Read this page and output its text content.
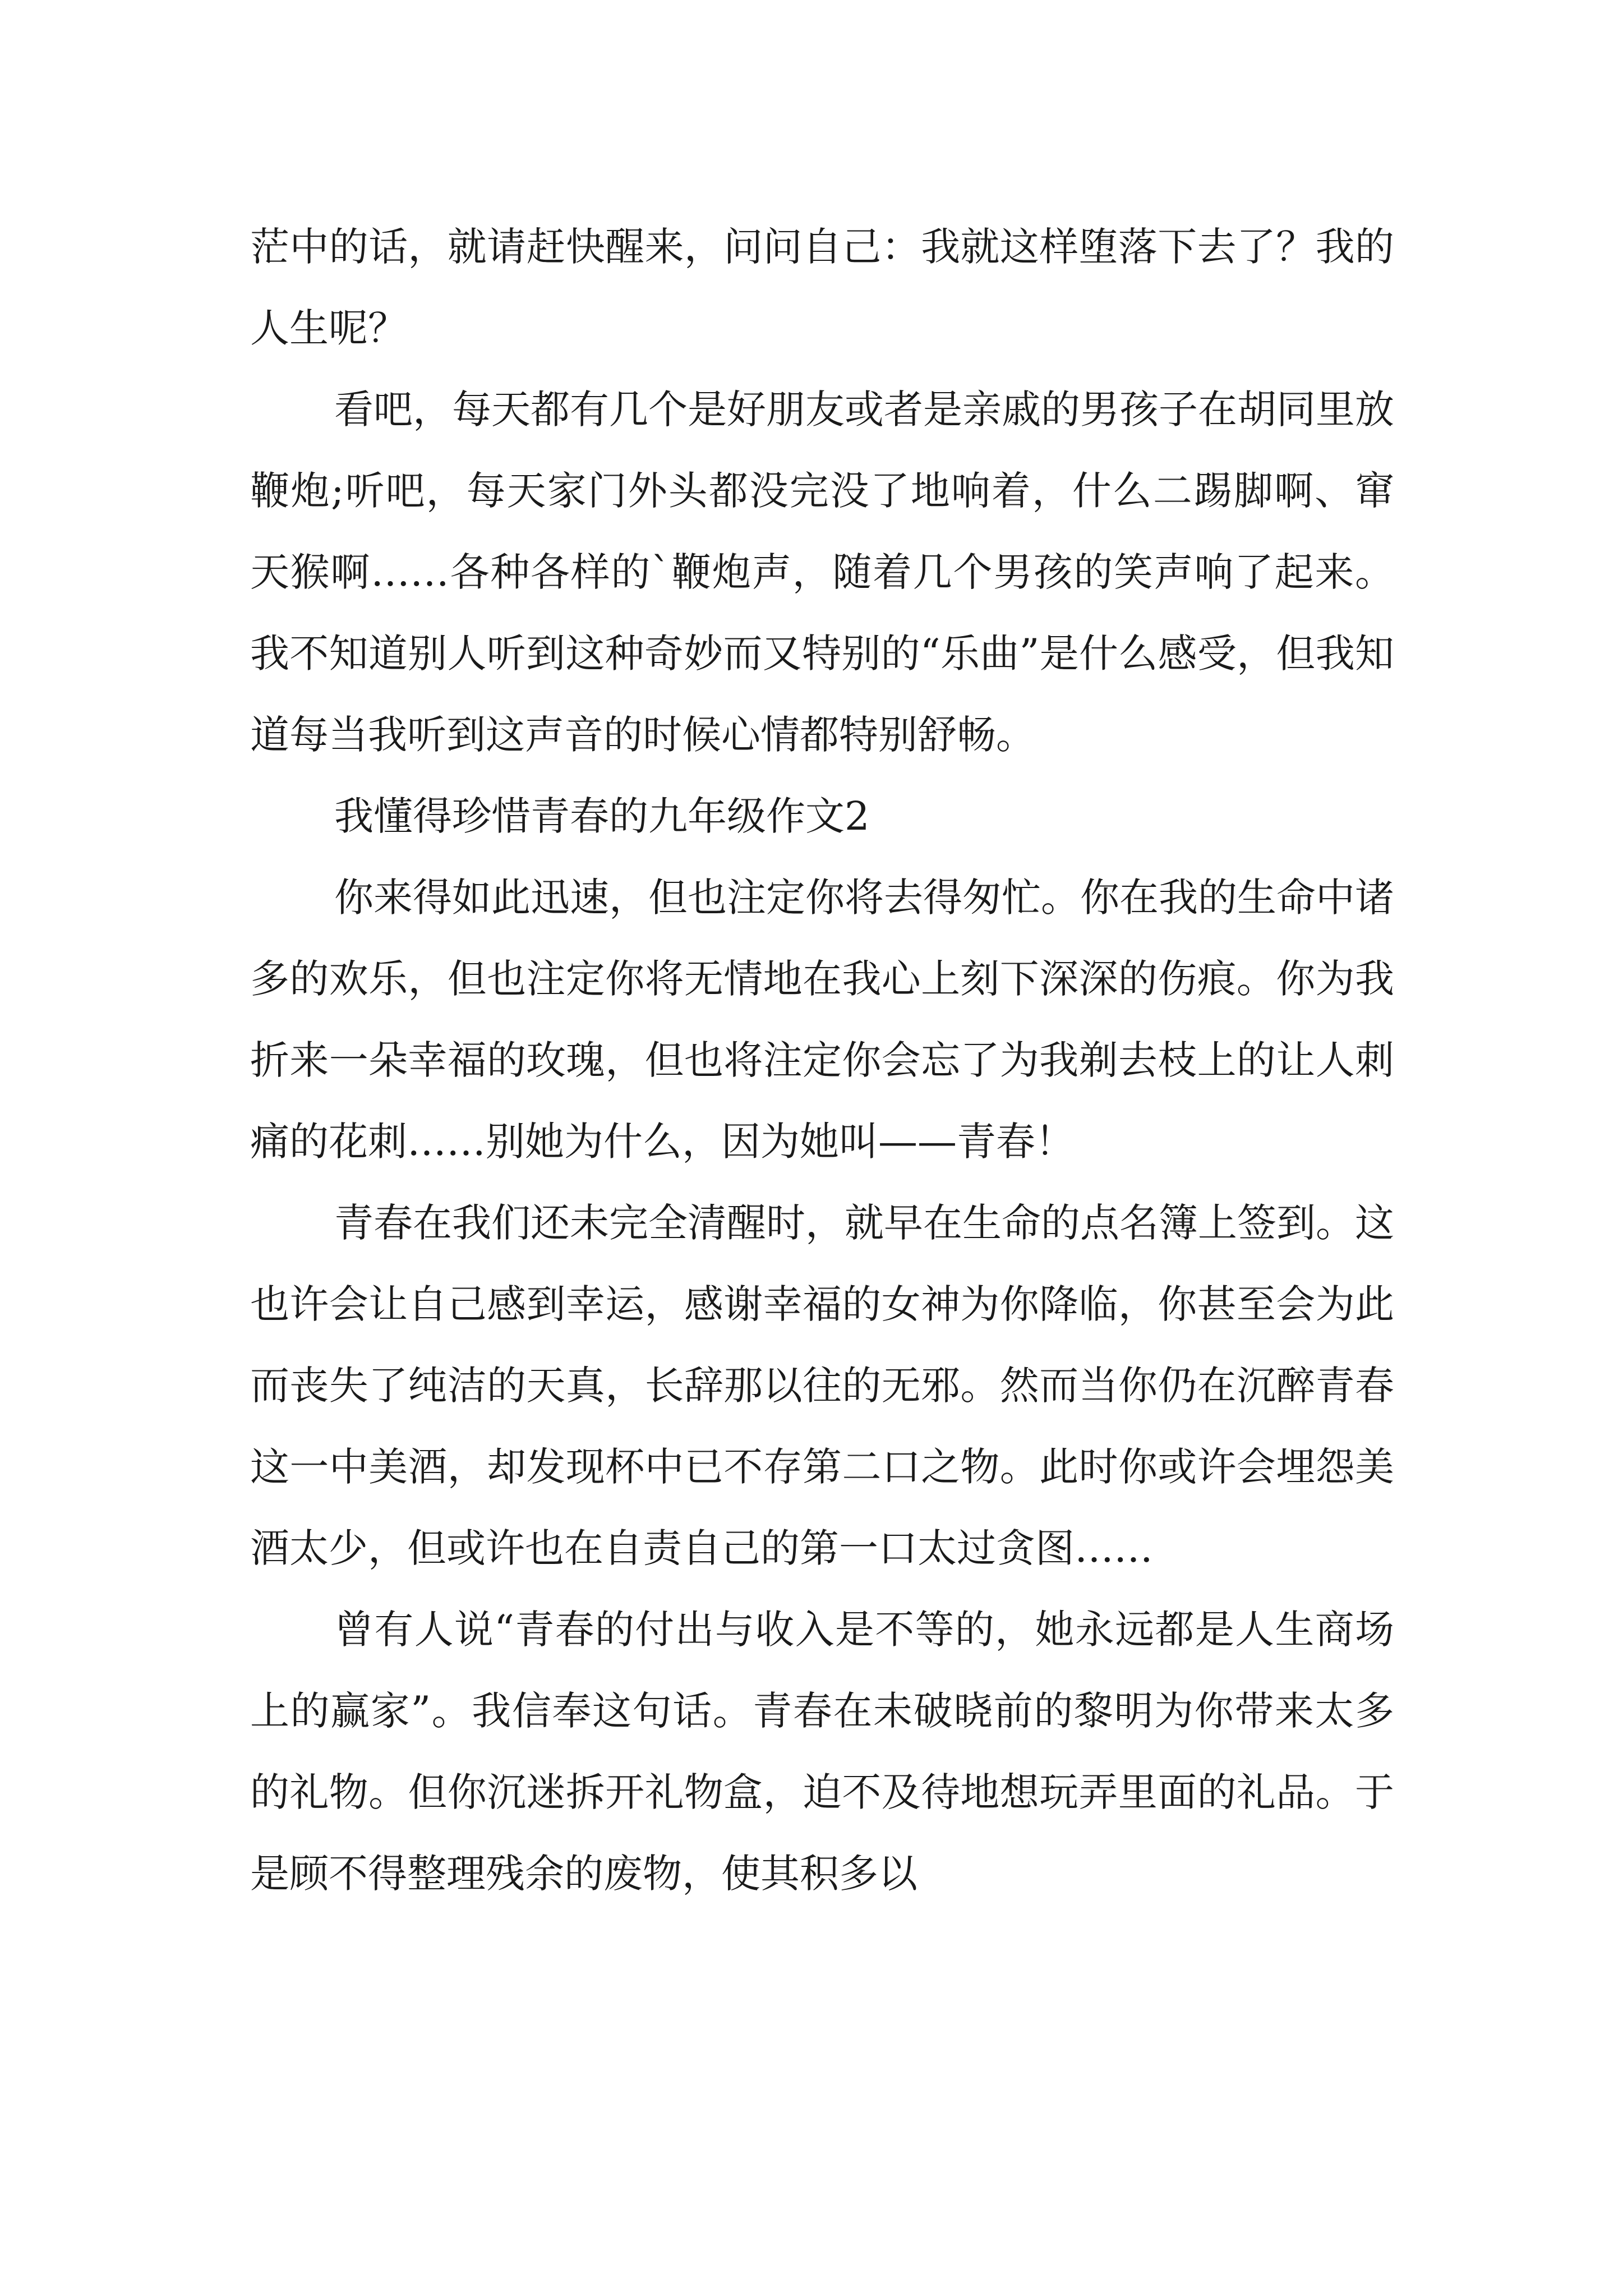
茫中的话，就请赶快醒来，问问自己：我就这样堕落下去了？我的人生呢？

看吧，每天都有几个是好朋友或者是亲戚的男孩子在胡同里放鞭炮;听吧，每天家门外头都没完没了地响着，什么二踢脚啊、窜天猴啊……各种各样的`鞭炮声，随着几个男孩的笑声响了起来。我不知道别人听到这种奇妙而又特别的“乐曲”是什么感受，但我知道每当我听到这声音的时候心情都特别舒畅。

我懂得珍惜青春的九年级作文2

你来得如此迅速，但也注定你将去得匆忙。你在我的生命中诸多的欢乐，但也注定你将无情地在我心上刻下深深的伤痕。你为我折来一朵幸福的玫瑰，但也将注定你会忘了为我剃去枝上的让人刺痛的花刺……别她为什么，因为她叫——青春！

青春在我们还未完全清醒时，就早在生命的点名簿上签到。这也许会让自己感到幸运，感谢幸福的女神为你降临，你甚至会为此而丧失了纯洁的天真，长辞那以往的无邪。然而当你仍在沉醉青春这一中美酒，却发现杯中已不存第二口之物。此时你或许会埋怨美酒太少，但或许也在自责自己的第一口太过贪图……

曾有人说“青春的付出与收入是不等的，她永远都是人生商场上的赢家”。我信奉这句话。青春在未破晓前的黎明为你带来太多的礼物。但你沉迷拆开礼物盒，迫不及待地想玩弄里面的礼品。于是顾不得整理残余的废物，使其积多以
